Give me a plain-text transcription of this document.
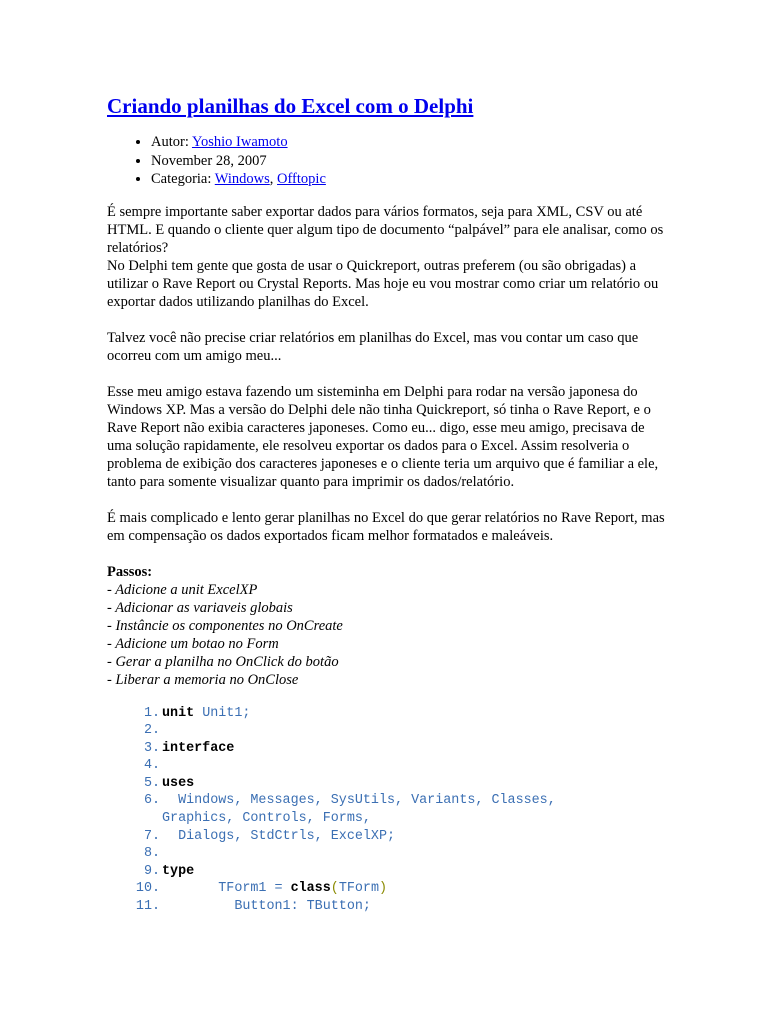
Criando planilhas do Excel com o Delphi
• Autor: Yoshio Iwamoto
• November 28, 2007
• Categoria: Windows, Offtopic

É sempre importante saber exportar dados para vários formatos, seja para XML, CSV ou até HTML. E quando o cliente quer algum tipo de documento “palpável” para ele analisar, como os relatórios?

No Delphi tem gente que gosta de usar o Quickreport, outras preferem (ou são obrigadas) a utilizar o Rave Report ou Crystal Reports. Mas hoje eu vou mostrar como criar um relatório ou exportar dados utilizando planilhas do Excel.

Talvez você não precise criar relatórios em planilhas do Excel, mas vou contar um caso que ocorreu com um amigo meu...

Esse meu amigo estava fazendo um sisteminha em Delphi para rodar na versão japonesa do Windows XP. Mas a versão do Delphi dele não tinha Quickreport, só tinha o Rave Report, e o Rave Report não exibia caracteres japoneses. Como eu... digo, esse meu amigo, precisava de uma solução rapidamente, ele resolveu exportar os dados para o Excel. Assim resolveria o problema de exibição dos caracteres japoneses e o cliente teria um arquivo que é familiar a ele, tanto para somente visualizar quanto para imprimir os dados/relatório.

É mais complicado e lento gerar planilhas no Excel do que gerar relatórios no Rave Report, mas em compensação os dados exportados ficam melhor formatados e maleáveis.

Passos:
- Adicione a unit ExcelXP
- Adicionar as variaveis globais
- Instâncie os componentes no OnCreate
- Adicione um botao no Form
- Gerar a planilha no OnClick do botão
- Liberar a memoria no OnClose
1 . unit Unit1;
2 .
3 . interface
4 .
5 . uses
6 .	Windows, Messages, SysUtils, Variants, Classes,
Graphics, Controls, Forms,
7 . Dialogs, StdCtrls, ExcelXP;
8 .
9 . type
10 . TForm1 = class ( TForm )
11 . Button1: TButton;
